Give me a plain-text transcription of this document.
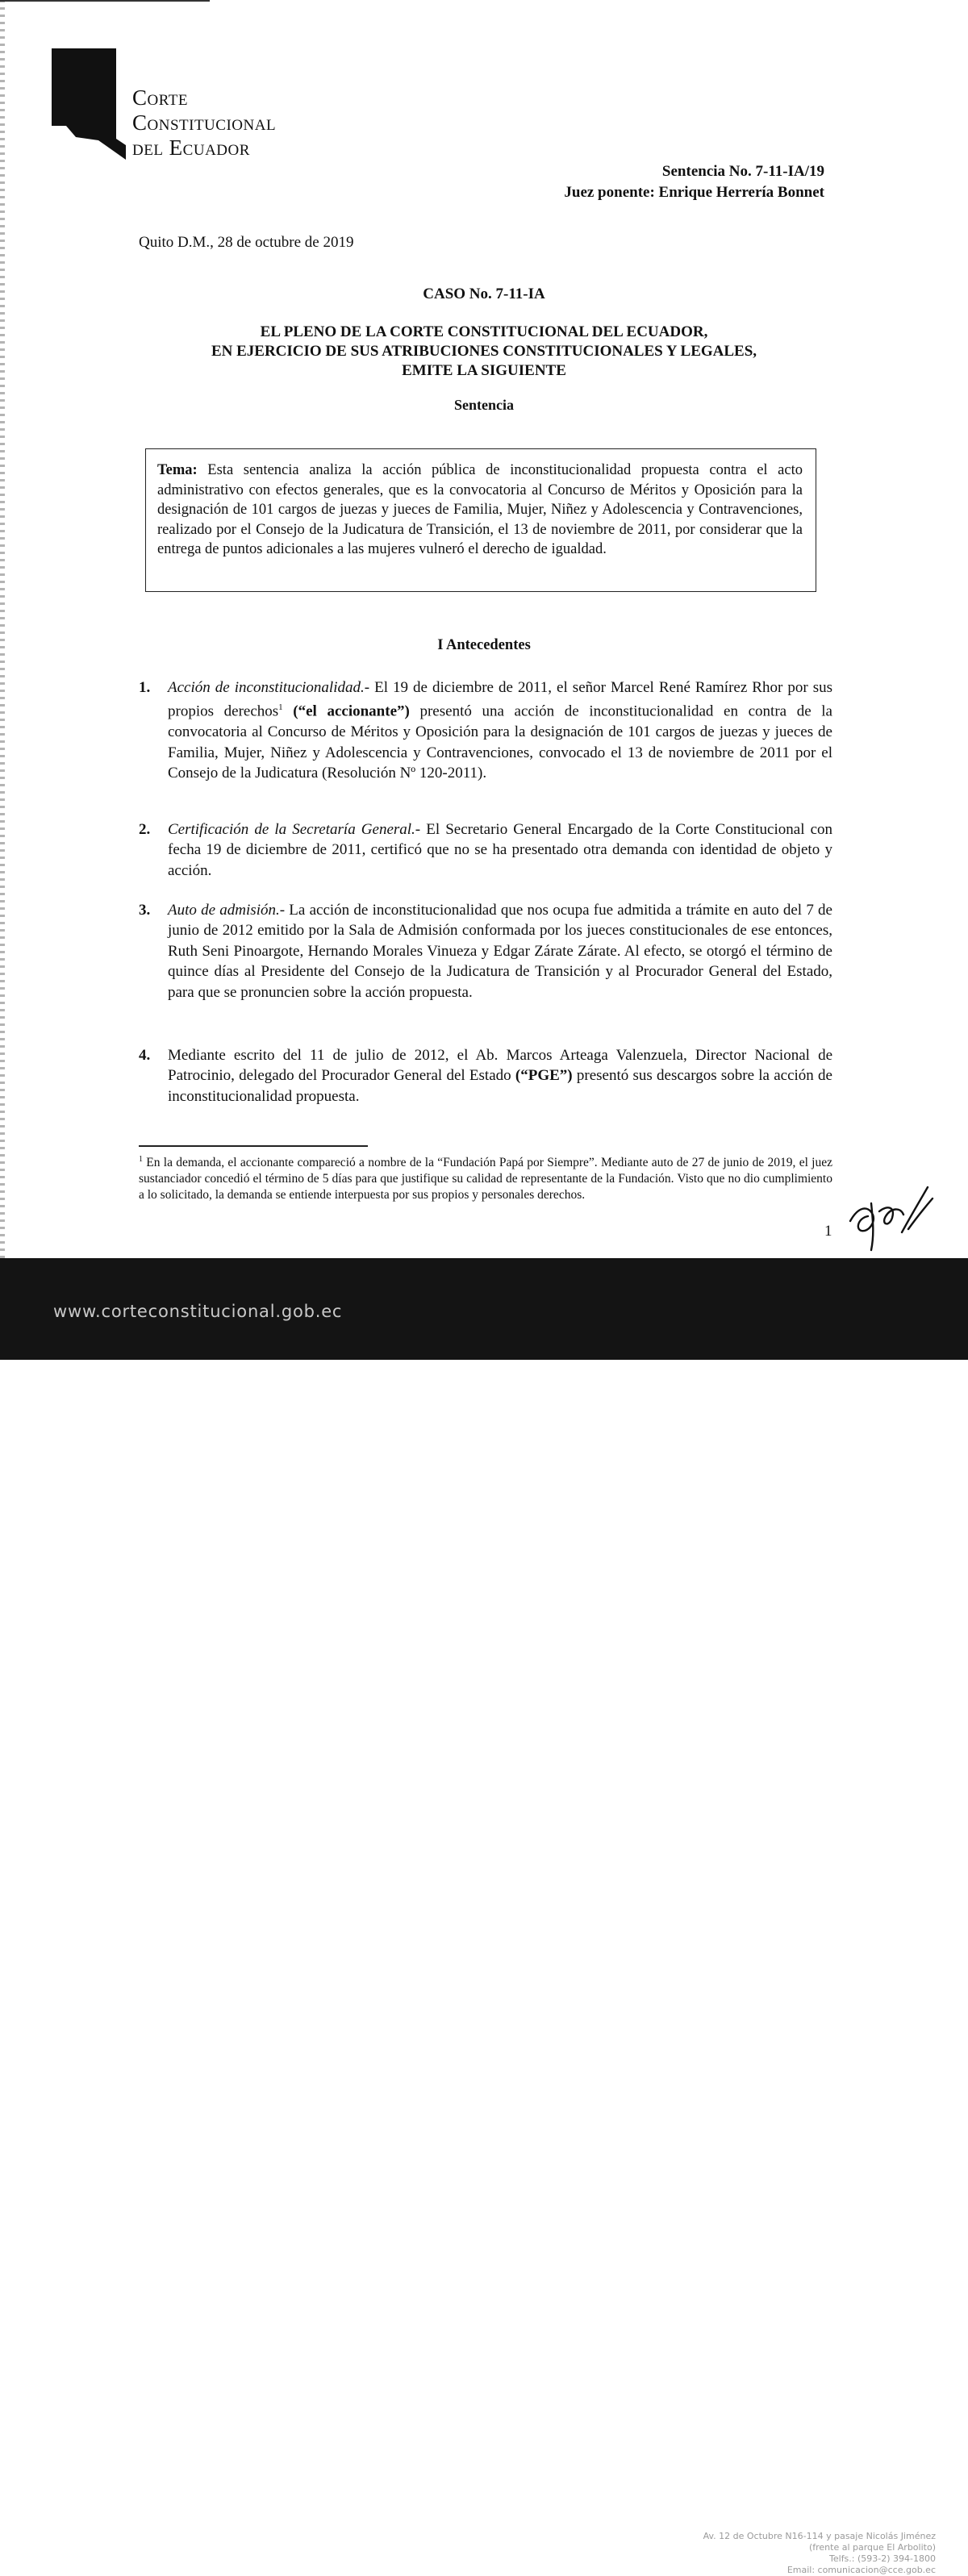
Corte
Constitucional
del Ecuador
Sentencia No. 7-11-IA/19
Juez ponente: Enrique Herrería Bonnet
Quito D.M., 28 de octubre de 2019
CASO No. 7-11-IA
EL PLENO DE LA CORTE CONSTITUCIONAL DEL ECUADOR,
EN EJERCICIO DE SUS ATRIBUCIONES CONSTITUCIONALES Y LEGALES,
EMITE LA SIGUIENTE
Sentencia
Tema: Esta sentencia analiza la acción pública de inconstitucionalidad propuesta contra el acto administrativo con efectos generales, que es la convocatoria al Concurso de Méritos y Oposición para la designación de 101 cargos de juezas y jueces de Familia, Mujer, Niñez y Adolescencia y Contravenciones, realizado por el Consejo de la Judicatura de Transición, el 13 de noviembre de 2011, por considerar que la entrega de puntos adicionales a las mujeres vulneró el derecho de igualdad.
I Antecedentes
1. Acción de inconstitucionalidad.- El 19 de diciembre de 2011, el señor Marcel René Ramírez Rhor por sus propios derechos$^1$ (“el accionante”) presentó una acción de inconstitucionalidad en contra de la convocatoria al Concurso de Méritos y Oposición para la designación de 101 cargos de juezas y jueces de Familia, Mujer, Niñez y Adolescencia y Contravenciones, convocado el 13 de noviembre de 2011 por el Consejo de la Judicatura (Resolución Nº 120-2011).
2. Certificación de la Secretaría General.- El Secretario General Encargado de la Corte Constitucional con fecha 19 de diciembre de 2011, certificó que no se ha presentado otra demanda con identidad de objeto y acción.
3. Auto de admisión.- La acción de inconstitucionalidad que nos ocupa fue admitida a trámite en auto del 7 de junio de 2012 emitido por la Sala de Admisión conformada por los jueces constitucionales de ese entonces, Ruth Seni Pinoargote, Hernando Morales Vinueza y Edgar Zárate Zárate. Al efecto, se otorgó el término de quince días al Presidente del Consejo de la Judicatura de Transición y al Procurador General del Estado, para que se pronuncien sobre la acción propuesta.
4. Mediante escrito del 11 de julio de 2012, el Ab. Marcos Arteaga Valenzuela, Director Nacional de Patrocinio, delegado del Procurador General del Estado (“PGE”) presentó sus descargos sobre la acción de inconstitucionalidad propuesta.
$^1$ En la demanda, el accionante compareció a nombre de la “Fundación Papá por Siempre”. Mediante auto de 27 de junio de 2019, el juez sustanciador concedió el término de 5 días para que justifique su calidad de representante de la Fundación. Visto que no dio cumplimiento a lo solicitado, la demanda se entiende interpuesta por sus propios y personales derechos.
1
Av. 12 de Octubre N16-114 y pasaje Nicolás Jiménez
(frente al parque El Arbolito)
Telfs.: (593-2) 394-1800
Email: comunicacion@cce.gob.ec
www.corteconstitucional.gob.ec
